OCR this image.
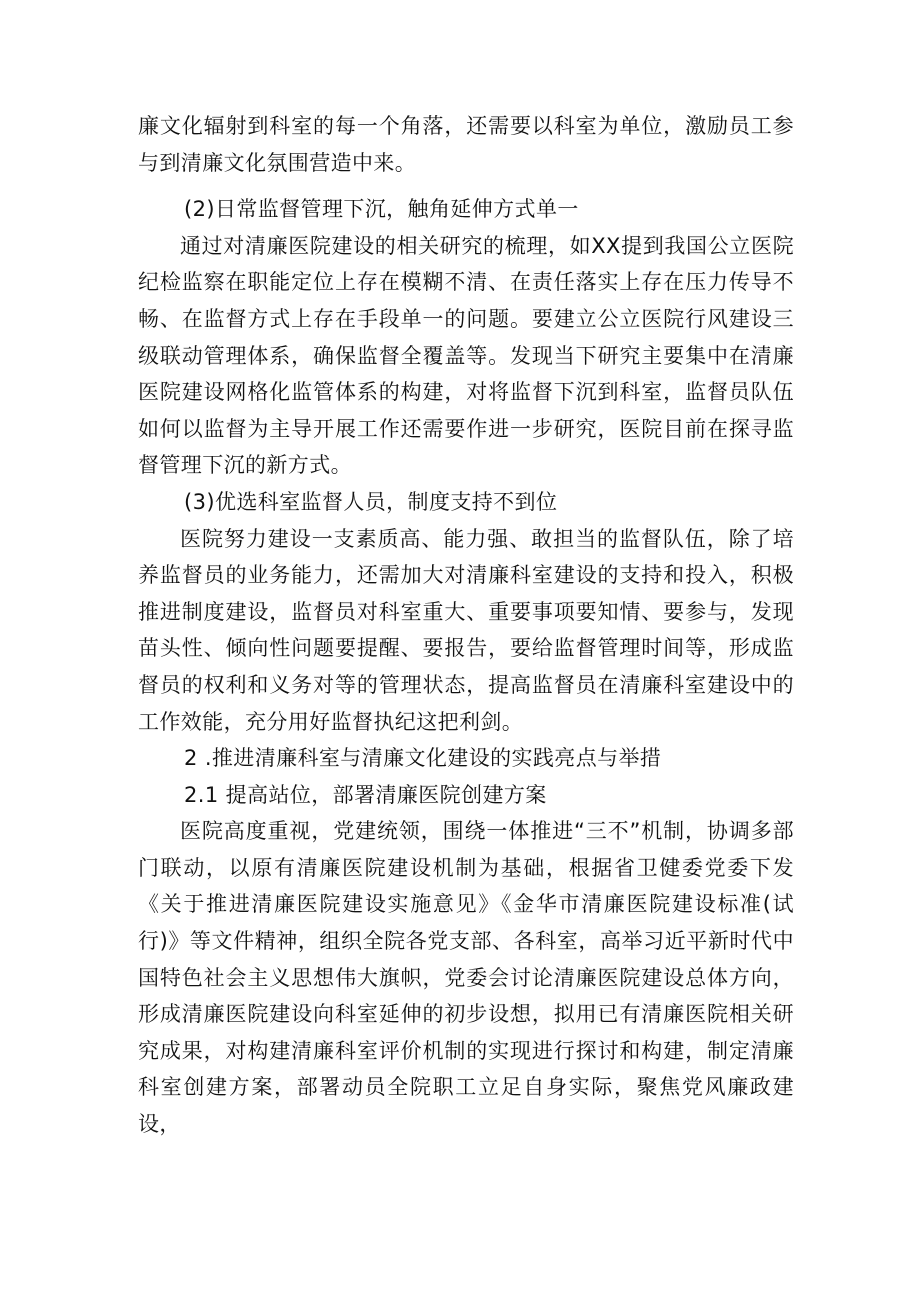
廉文化辐射到科室的每一个角落，还需要以科室为单位，激励员工参与到清廉文化氛围营造中来。

(2)日常监督管理下沉，触角延伸方式单一

通过对清廉医院建设的相关研究的梳理，如XX提到我国公立医院纪检监察在职能定位上存在模糊不清、在责任落实上存在压力传导不畅、在监督方式上存在手段单一的问题。要建立公立医院行风建设三级联动管理体系，确保监督全覆盖等。发现当下研究主要集中在清廉医院建设网格化监管体系的构建，对将监督下沉到科室，监督员队伍如何以监督为主导开展工作还需要作进一步研究，医院目前在探寻监督管理下沉的新方式。

(3)优选科室监督人员，制度支持不到位

医院努力建设一支素质高、能力强、敢担当的监督队伍，除了培养监督员的业务能力，还需加大对清廉科室建设的支持和投入，积极推进制度建设，监督员对科室重大、重要事项要知情、要参与，发现苗头性、倾向性问题要提醒、要报告，要给监督管理时间等，形成监督员的权利和义务对等的管理状态，提高监督员在清廉科室建设中的工作效能，充分用好监督执纪这把利剑。

2 .推进清廉科室与清廉文化建设的实践亮点与举措

2.1 提高站位，部署清廉医院创建方案

医院高度重视，党建统领，围绕一体推进“三不”机制，协调多部门联动，以原有清廉医院建设机制为基础，根据省卫健委党委下发《关于推进清廉医院建设实施意见》《金华市清廉医院建设标准(试行)》等文件精神，组织全院各党支部、各科室，高举习近平新时代中国特色社会主义思想伟大旗帜，党委会讨论清廉医院建设总体方向，形成清廉医院建设向科室延伸的初步设想，拟用已有清廉医院相关研究成果，对构建清廉科室评价机制的实现进行探讨和构建，制定清廉科室创建方案，部署动员全院职工立足自身实际，聚焦党风廉政建设，
